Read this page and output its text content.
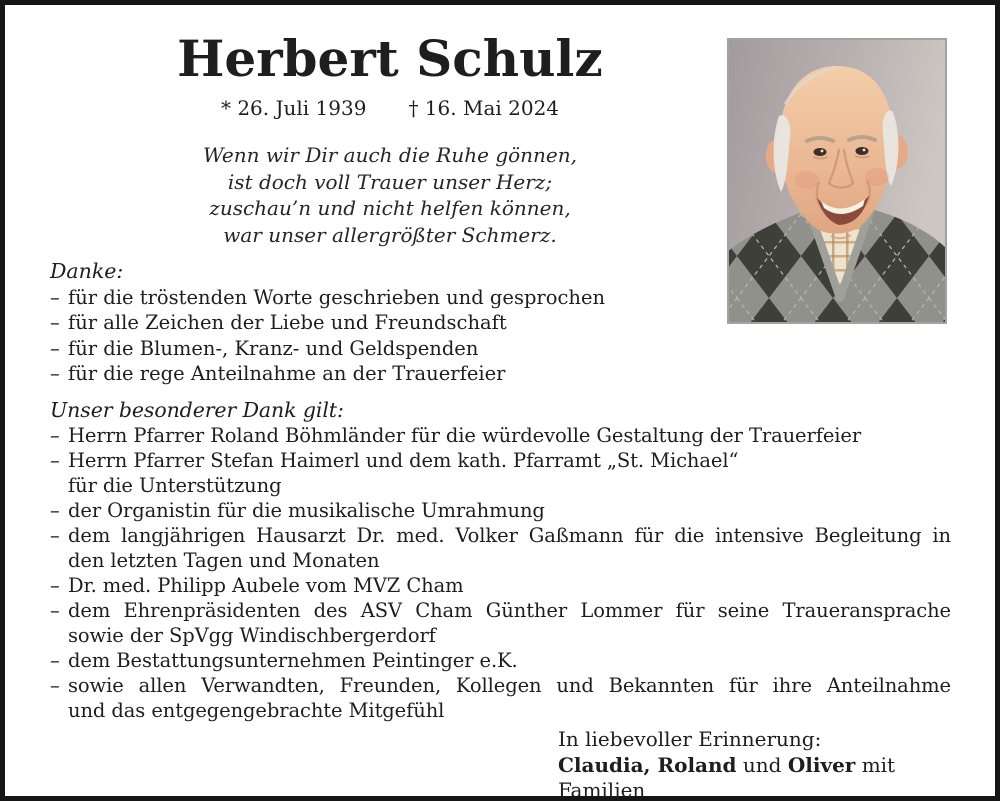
Herbert Schulz
* 26. Juli 1939 † 16. Mai 2024
Wenn wir Dir auch die Ruhe gönnen,
ist doch voll Trauer unser Herz;
zuschau’n und nicht helfen können,
war unser allergrößter Schmerz.
Danke:
– für die tröstenden Worte geschrieben und gesprochen
– für alle Zeichen der Liebe und Freundschaft
– für die Blumen-, Kranz- und Geldspenden
– für die rege Anteilnahme an der Trauerfeier
Unser besonderer Dank gilt:
– Herrn Pfarrer Roland Böhmländer für die würdevolle Gestaltung der Trauerfeier
– Herrn Pfarrer Stefan Haimerl und dem kath. Pfarramt „St. Michael“
für die Unterstützung
– der Organistin für die musikalische Umrahmung
– dem langjährigen Hausarzt Dr. med. Volker Gaßmann für die intensive Begleitung in
den letzten Tagen und Monaten
– Dr. med. Philipp Aubele vom MVZ Cham
– dem Ehrenpräsidenten des ASV Cham Günther Lommer für seine Traueransprache
sowie der SpVgg Windischbergerdorf
– dem Bestattungsunternehmen Peintinger e.K.
– sowie allen Verwandten, Freunden, Kollegen und Bekannten für ihre Anteilnahme
und das entgegengebrachte Mitgefühl
In liebevoller Erinnerung:
Claudia, Roland und Oliver mit Familien
